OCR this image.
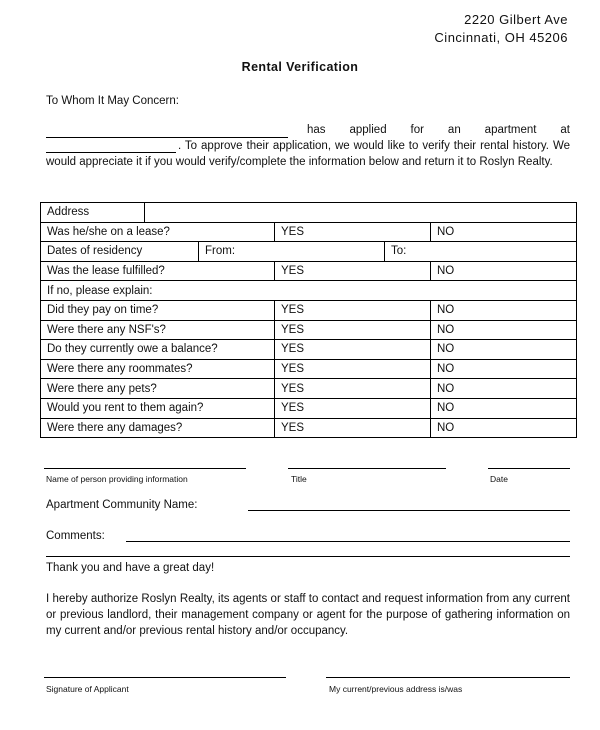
2220 Gilbert Ave
Cincinnati, OH 45206
Rental Verification
To Whom It May Concern:
has applied for an apartment at
. To approve their application, we would like to verify their rental history. We would appreciate it if you would verify/complete the information below and return it to Roslyn Realty.
Address					
Was he/she on a lease?			YES		NO
Dates of residency		From:		To:	
Was the lease fulfilled?			YES		NO
If no, please explain:					
Did they pay on time?			YES		NO
Were there any NSF's?			YES		NO
Do they currently owe a balance?			YES		NO
Were there any roommates?			YES		NO
Were there any pets?			YES		NO
Would you rent to them again?			YES		NO
Were there any damages?			YES		NO
Name of person providing information	Title	Date
Apartment Community Name:
Comments:
Thank you and have a great day!
I hereby authorize Roslyn Realty, its agents or staff to contact and request information from any current or previous landlord, their management company or agent for the purpose of gathering information on my current and/or previous rental history and/or occupancy.
Signature of Applicant	My current/previous address is/was
